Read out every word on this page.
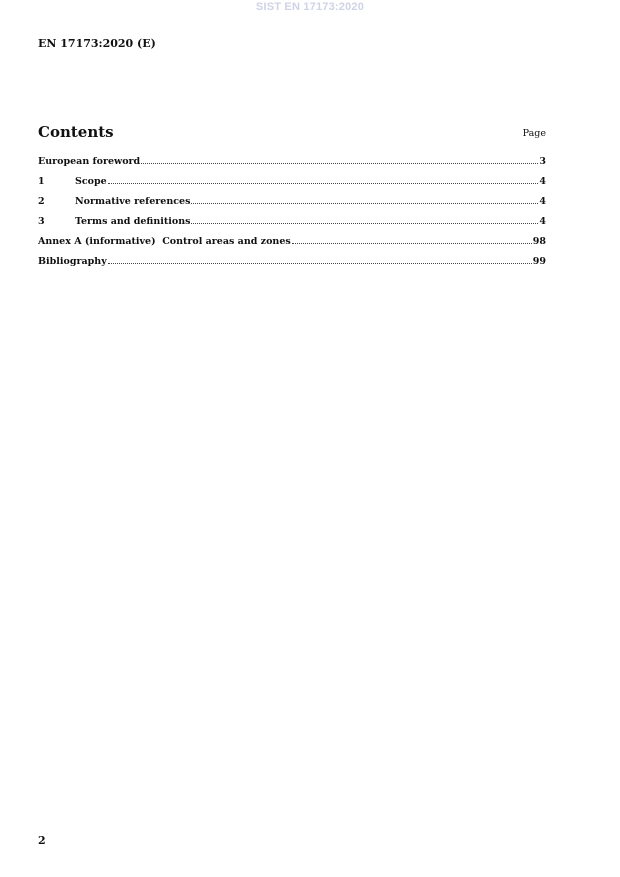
SIST EN 17173:2020
EN 17173:2020 (E)
Contents	Page
European foreword	3
1	Scope	4
2	Normative references	4
3	Terms and definitions	4
Annex A (informative)  Control areas and zones	98
Bibliography	99
2
